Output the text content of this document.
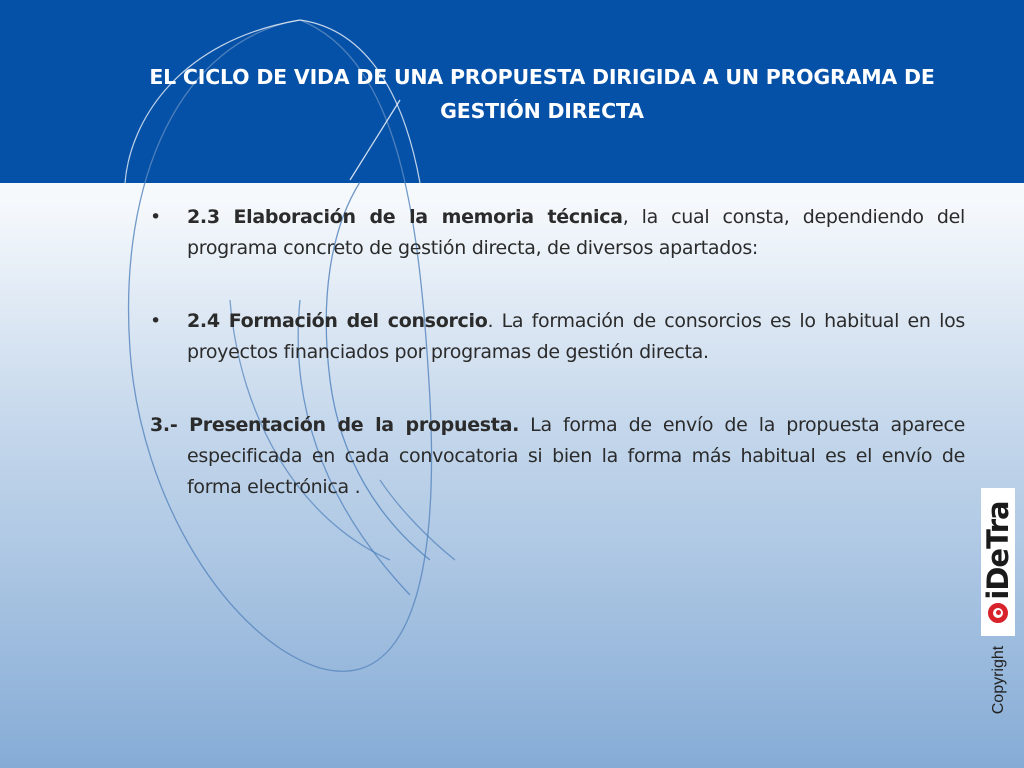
EL CICLO DE VIDA DE UNA PROPUESTA DIRIGIDA A UN PROGRAMA DE
GESTIÓN DIRECTA
• 2.3 Elaboración de la memoria técnica, la cual consta, dependiendo del programa concreto de gestión directa, de diversos apartados:
• 2.4 Formación del consorcio. La formación de consorcios es lo habitual en los proyectos financiados por programas de gestión directa.
3.- Presentación de la propuesta. La forma de envío de la propuesta aparece especificada en cada convocatoria si bien la forma más habitual es el envío de forma electrónica .
iDeTra
Copyright
